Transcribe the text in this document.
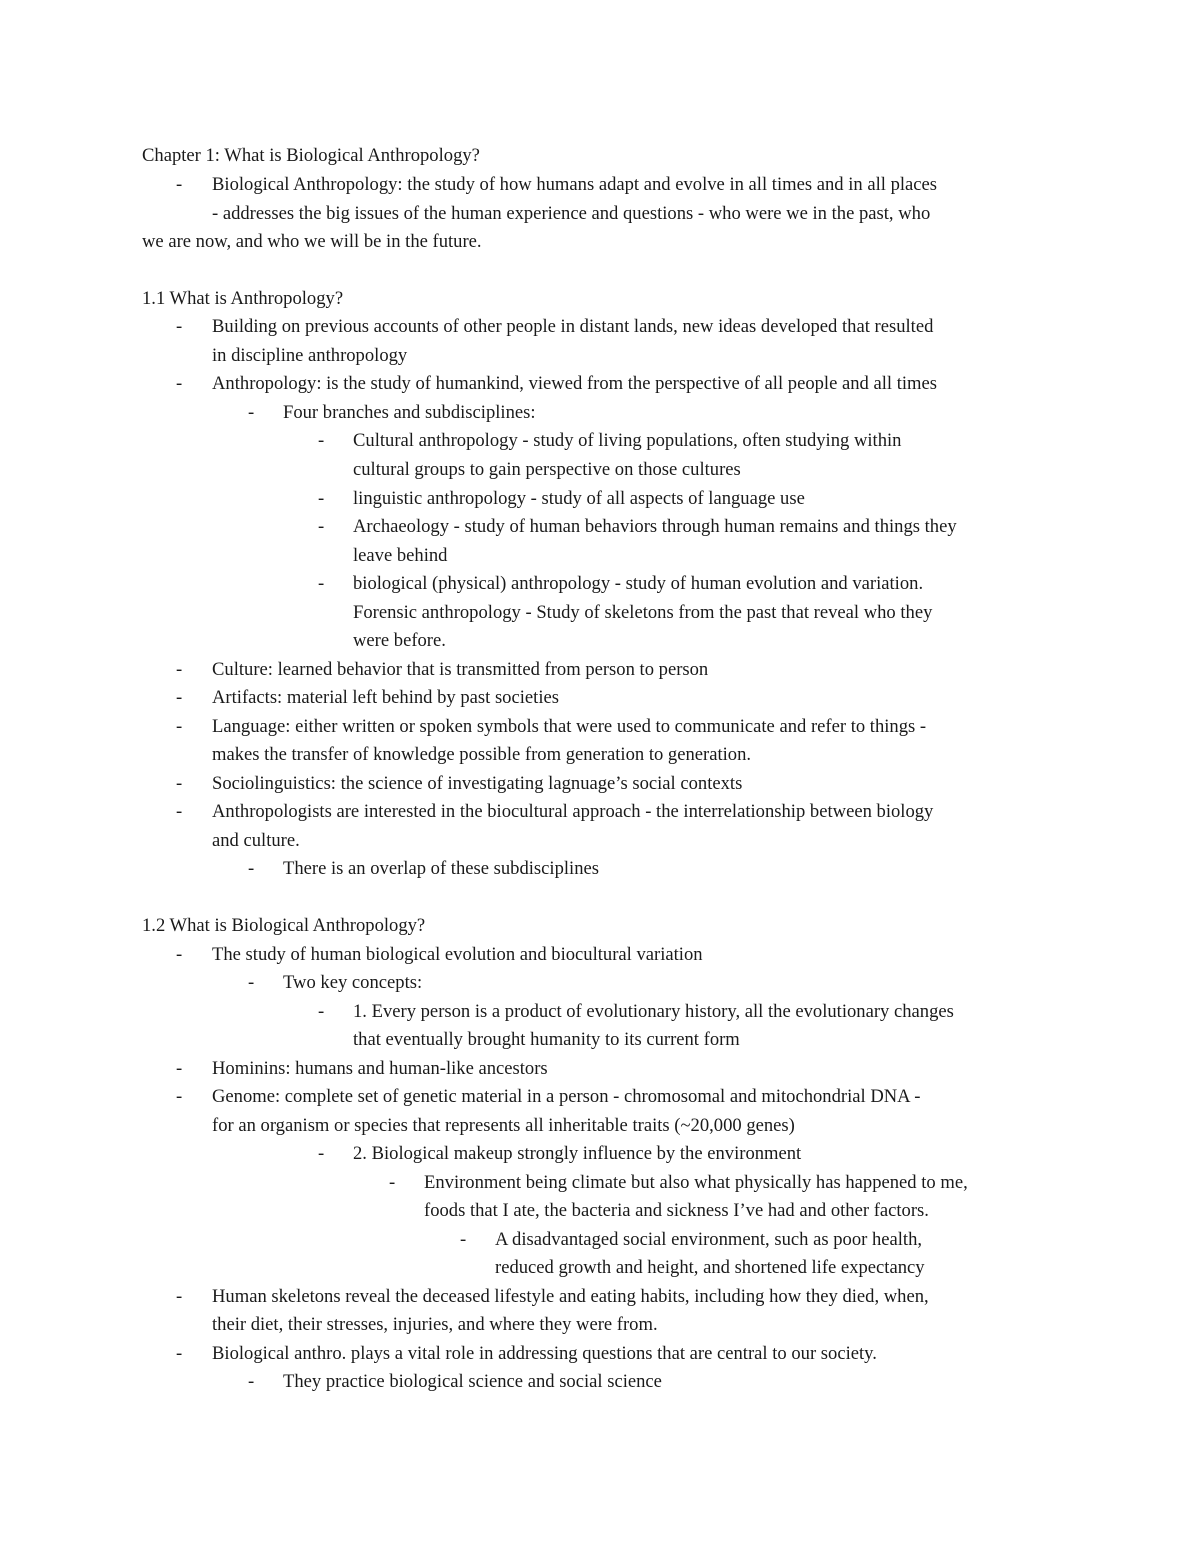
Chapter 1: What is Biological Anthropology?
- Biological Anthropology: the study of how humans adapt and evolve in all times and in all places
- addresses the big issues of the human experience and questions - who were we in the past, who
we are now, and who we will be in the future.
1.1 What is Anthropology?
- Building on previous accounts of other people in distant lands, new ideas developed that resulted
in discipline anthropology
- Anthropology: is the study of humankind, viewed from the perspective of all people and all times
- Four branches and subdisciplines:
- Cultural anthropology - study of living populations, often studying within
cultural groups to gain perspective on those cultures
- linguistic anthropology - study of all aspects of language use
- Archaeology - study of human behaviors through human remains and things they
leave behind
- biological (physical) anthropology - study of human evolution and variation.
Forensic anthropology - Study of skeletons from the past that reveal who they
were before.
- Culture: learned behavior that is transmitted from person to person
- Artifacts: material left behind by past societies
- Language: either written or spoken symbols that were used to communicate and refer to things -
makes the transfer of knowledge possible from generation to generation.
- Sociolinguistics: the science of investigating lagnuage’s social contexts
- Anthropologists are interested in the biocultural approach - the interrelationship between biology
and culture.
- There is an overlap of these subdisciplines
1.2 What is Biological Anthropology?
- The study of human biological evolution and biocultural variation
- Two key concepts:
- 1. Every person is a product of evolutionary history, all the evolutionary changes
that eventually brought humanity to its current form
- Hominins: humans and human-like ancestors
- Genome: complete set of genetic material in a person - chromosomal and mitochondrial DNA -
for an organism or species that represents all inheritable traits (~20,000 genes)
- 2. Biological makeup strongly influence by the environment
- Environment being climate but also what physically has happened to me,
foods that I ate, the bacteria and sickness I’ve had and other factors.
- A disadvantaged social environment, such as poor health,
reduced growth and height, and shortened life expectancy
- Human skeletons reveal the deceased lifestyle and eating habits, including how they died, when,
their diet, their stresses, injuries, and where they were from.
- Biological anthro. plays a vital role in addressing questions that are central to our society.
- They practice biological science and social science
